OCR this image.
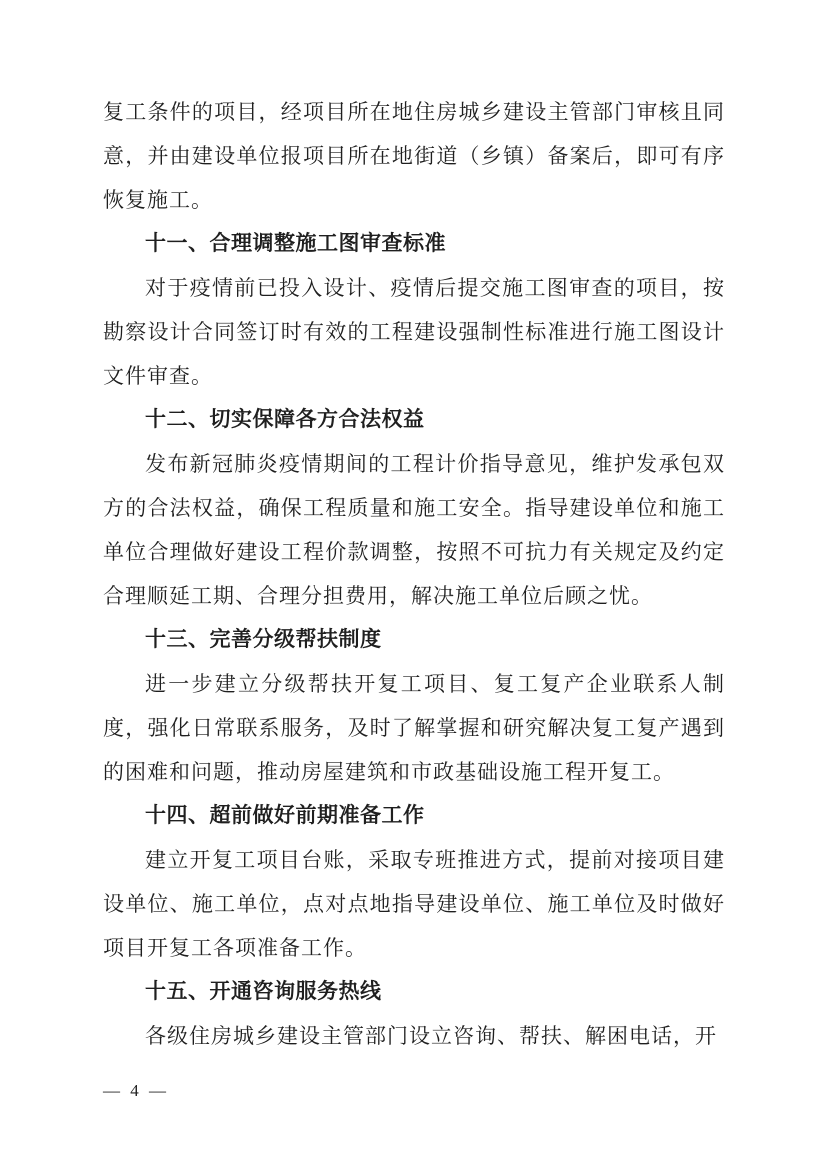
复工条件的项目，经项目所在地住房城乡建设主管部门审核且同意，并由建设单位报项目所在地街道（乡镇）备案后，即可有序恢复施工。

十一、合理调整施工图审查标准

对于疫情前已投入设计、疫情后提交施工图审查的项目，按勘察设计合同签订时有效的工程建设强制性标准进行施工图设计文件审查。

十二、切实保障各方合法权益

发布新冠肺炎疫情期间的工程计价指导意见，维护发承包双方的合法权益，确保工程质量和施工安全。指导建设单位和施工单位合理做好建设工程价款调整，按照不可抗力有关规定及约定合理顺延工期、合理分担费用，解决施工单位后顾之忧。

十三、完善分级帮扶制度

进一步建立分级帮扶开复工项目、复工复产企业联系人制度，强化日常联系服务，及时了解掌握和研究解决复工复产遇到的困难和问题，推动房屋建筑和市政基础设施工程开复工。

十四、超前做好前期准备工作

建立开复工项目台账，采取专班推进方式，提前对接项目建设单位、施工单位，点对点地指导建设单位、施工单位及时做好项目开复工各项准备工作。

十五、开通咨询服务热线

各级住房城乡建设主管部门设立咨询、帮扶、解困电话，开

— 4 —
